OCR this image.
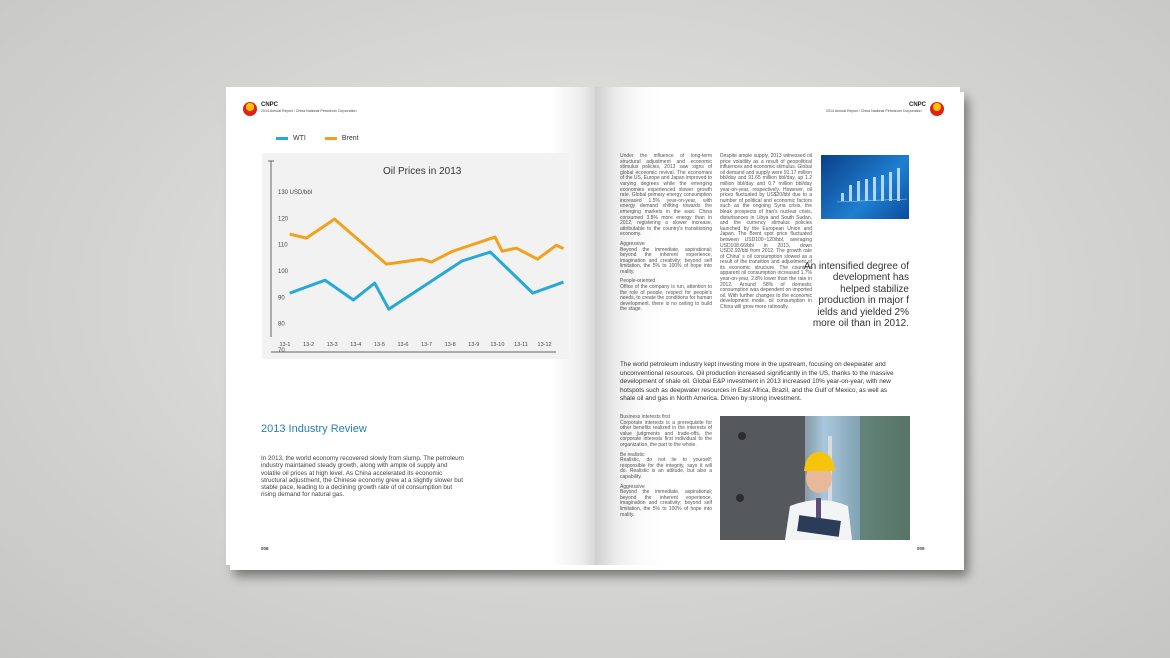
CNPC
2014 Annual Report / China National Petroleum Corporation
WTI	Brent
Oil Prices in 2013
130 USD/bbl
120
110
100
90
80
70
13-1 13-2 13-3 13-4 13-5 13-6 13-7 13-8 13-9 13-10 13-11 13-12
2013 Industry Review
In 2013, the world economy recovered slowly from slump. The petroleum industry maintained steady growth, along with ample oil supply and volatile oil prices at high level. As China accelerated its economic structural adjustment, the Chinese economy grew at a slightly slower but stable pace, leading to a declining growth rate of oil consumption but rising demand for natural gas.
008
CNPC
2014 Annual Report / China National Petroleum Corporation
Under the influence of long-term structural adjustment and economic stimulus policies, 2013 saw signs of global economic revival. The economies of the US, Europe and Japan improved to varying degrees while the emerging economies experienced slower growth rate. Global primary energy consumption increased 1.5% year-on-year, with energy demand shifting towards the emerging markets in the east. China consumed 3.8% more energy than in 2012, registering a slower increase, attributable to the country's transitioning economy.
Aggressive
Beyond the immediate, aspirational; beyond the inherent experience, imagination and creativity; beyond self limitation, the 5% to 100% of hope into reality.
People-oriented
Office of the company is run, attention to the role of people, respect for people's needs, to create the conditions for human development, there is no ceiling to build the stage.
Despite ample supply, 2013 witnessed oil price volatility as a result of geopolitical influences and economic stimulus. Global oil demand and supply were 91.17 million bbl/day and 91.65 million bbl/day, up 1.2 million bbl/day and 0.7 million bbl/day year-on-year, respectively. However, oil prices fluctuated by US$20/bbl due to a number of political and economic factors such as the ongoing Syria crisis, the bleak prospects of Iran's nuclear crisis, disturbances in Libya and South Sudan, and the currency stimulus policies launched by the European Union and Japan. The Brent spot price fluctuated between USD100~120/bbl, averaging USD108.66/bbl in 2013, down USD2.92/bbl from 2012. The growth rate of China' s oil consumption slowed as a result of the transition and adjustment of its economic structure. The country's apparent oil consumption increased 1.7% year-on-year, 2.8% lower than the rate in 2012. Around 58% of domestic consumption was dependent on imported oil. With further changes to the economic development mode, oil consumption in China will grow more rationally.
An intensified degree of development has helped stabilize production in major f ields and yielded 2% more oil than in 2012.
The world petroleum industry kept investing more in the upstream, focusing on deepwater and unconventional resources. Oil production increased significantly in the US, thanks to the massive development of shale oil. Global E&P investment in 2013 increased 10% year-on-year, with new hotspots such as deepwater resources in East Africa, Brazil, and the Gulf of Mexico, as well as shale oil and gas in North America. Driven by strong investment.
Business interests first
Corporate interests is a prerequisite for other benefits realized in the interests of value judgments and trade-offs, the corporate interests first individual to the organization, the part to the whole.
Be realistic
Realistic, do not lie to yourself; responsible for the integrity, says it will do. Realistic is an attitude, but also a capability.
Aggressive
Beyond the immediate, aspirational; beyond the inherent experience, imagination and creativity; beyond self limitation, the 5% to 100% of hope into reality.
009
